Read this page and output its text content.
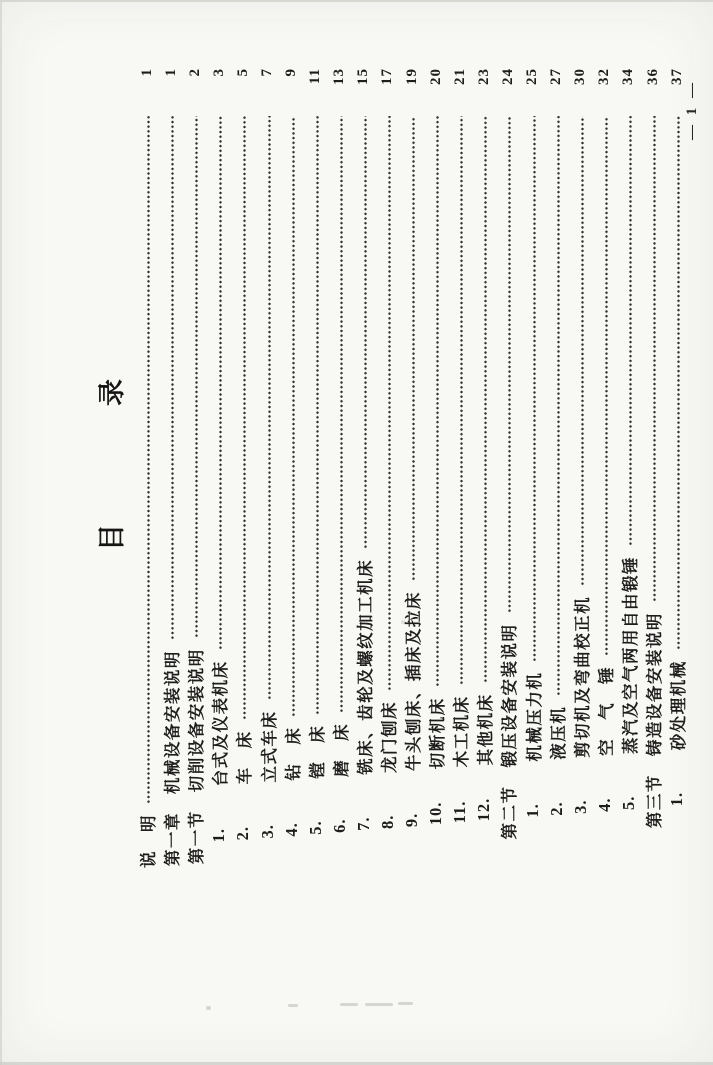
目录
说　明
1
第一章　机械设备安装说明
1
第一节　切削设备安装说明
2
1.
台式及仪表机床
3
2.
车　床
5
3.
立式车床
7
4.
钻　床
9
5.
镗　床
11
6.
磨　床
13
7.
铣床、齿轮及螺纹加工机床
15
8.
龙门刨床
17
9.
牛头刨床、插床及拉床
19
10.
切断机床
20
11.
木工机床
21
12.
其他机床
23
第二节　锻压设备安装说明
24
1.
机械压力机
25
2.
液压机
27
3.
剪切机及弯曲校正机
30
4.
空　气　锤
32
5.
蒸汽及空气两用自由锻锤
34
第三节　铸造设备安装说明
36
1.
砂处理机械
37
— 1 —
